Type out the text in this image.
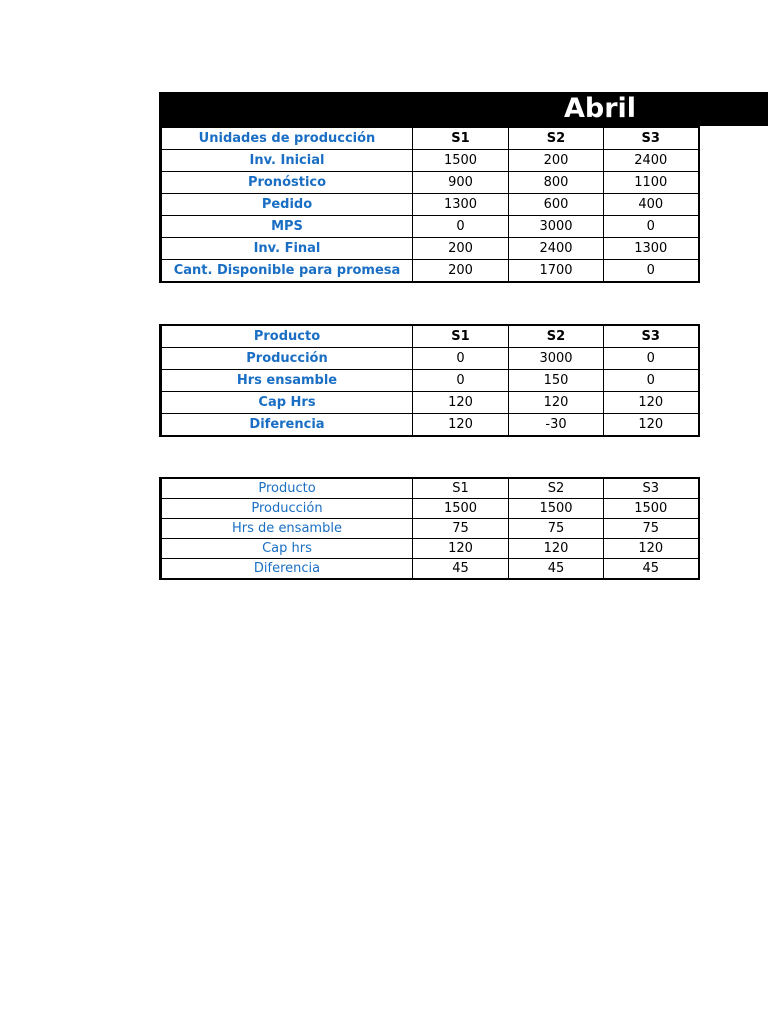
Abril
Unidades de producción	S1	S2	S3
Inv. Inicial	1500	200	2400
Pronóstico	900	800	1100
Pedido	1300	600	400
MPS	0	3000	0
Inv. Final	200	2400	1300
Cant. Disponible para promesa	200	1700	0
Producto	S1	S2	S3
Producción	0	3000	0
Hrs ensamble	0	150	0
Cap Hrs	120	120	120
Diferencia	120	-30	120
Producto	S1	S2	S3
Producción	1500	1500	1500
Hrs de ensamble	75	75	75
Cap hrs	120	120	120
Diferencia	45	45	45
